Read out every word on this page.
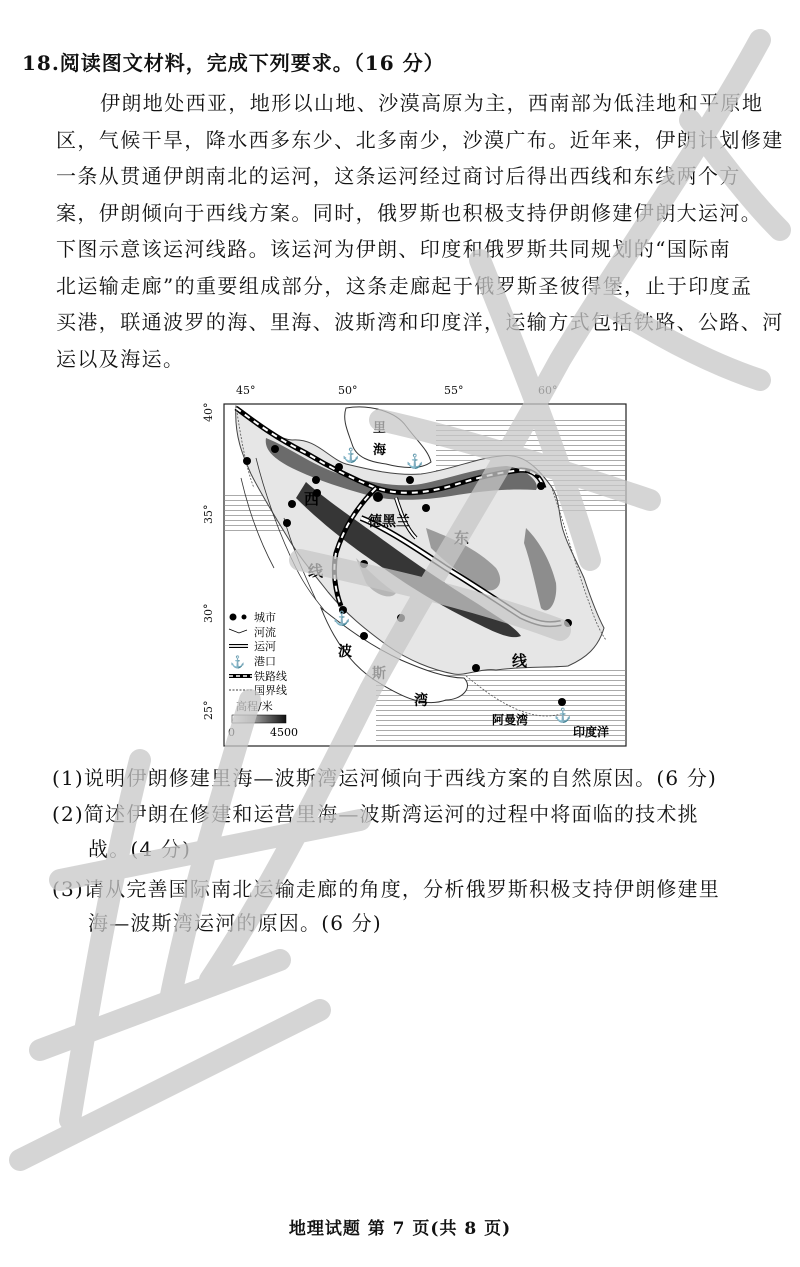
18.阅读图文材料，完成下列要求。（16 分）
伊朗地处西亚，地形以山地、沙漠高原为主，西南部为低洼地和平原地
区，气候干旱，降水西多东少、北多南少，沙漠广布。近年来，伊朗计划修建
一条从贯通伊朗南北的运河，这条运河经过商讨后得出西线和东线两个方
案，伊朗倾向于西线方案。同时，俄罗斯也积极支持伊朗修建伊朗大运河。
下图示意该运河线路。该运河为伊朗、印度和俄罗斯共同规划的“国际南
北运输走廊”的重要组成部分，这条走廊起于俄罗斯圣彼得堡，止于印度孟
买港，联通波罗的海、里海、波斯湾和印度洋，运输方式包括铁路、公路、河
运以及海运。
⚓	⚓
⚓
⚓
45°	50°	55°	60°
40°
35°
30°
25°
里
海
德黑兰
西
线
东
线
波
斯
湾
阿曼湾
印度洋
城市
河流
运河
⚓ 港口
铁路线
国界线
高程/米
0	4500
(1)说明伊朗修建里海—波斯湾运河倾向于西线方案的自然原因。(6 分)
(2)简述伊朗在修建和运营里海—波斯湾运河的过程中将面临的技术挑
战。(4 分)
(3)请从完善国际南北运输走廊的角度，分析俄罗斯积极支持伊朗修建里
海—波斯湾运河的原因。(6 分)
地理试题 第 7 页(共 8 页)
